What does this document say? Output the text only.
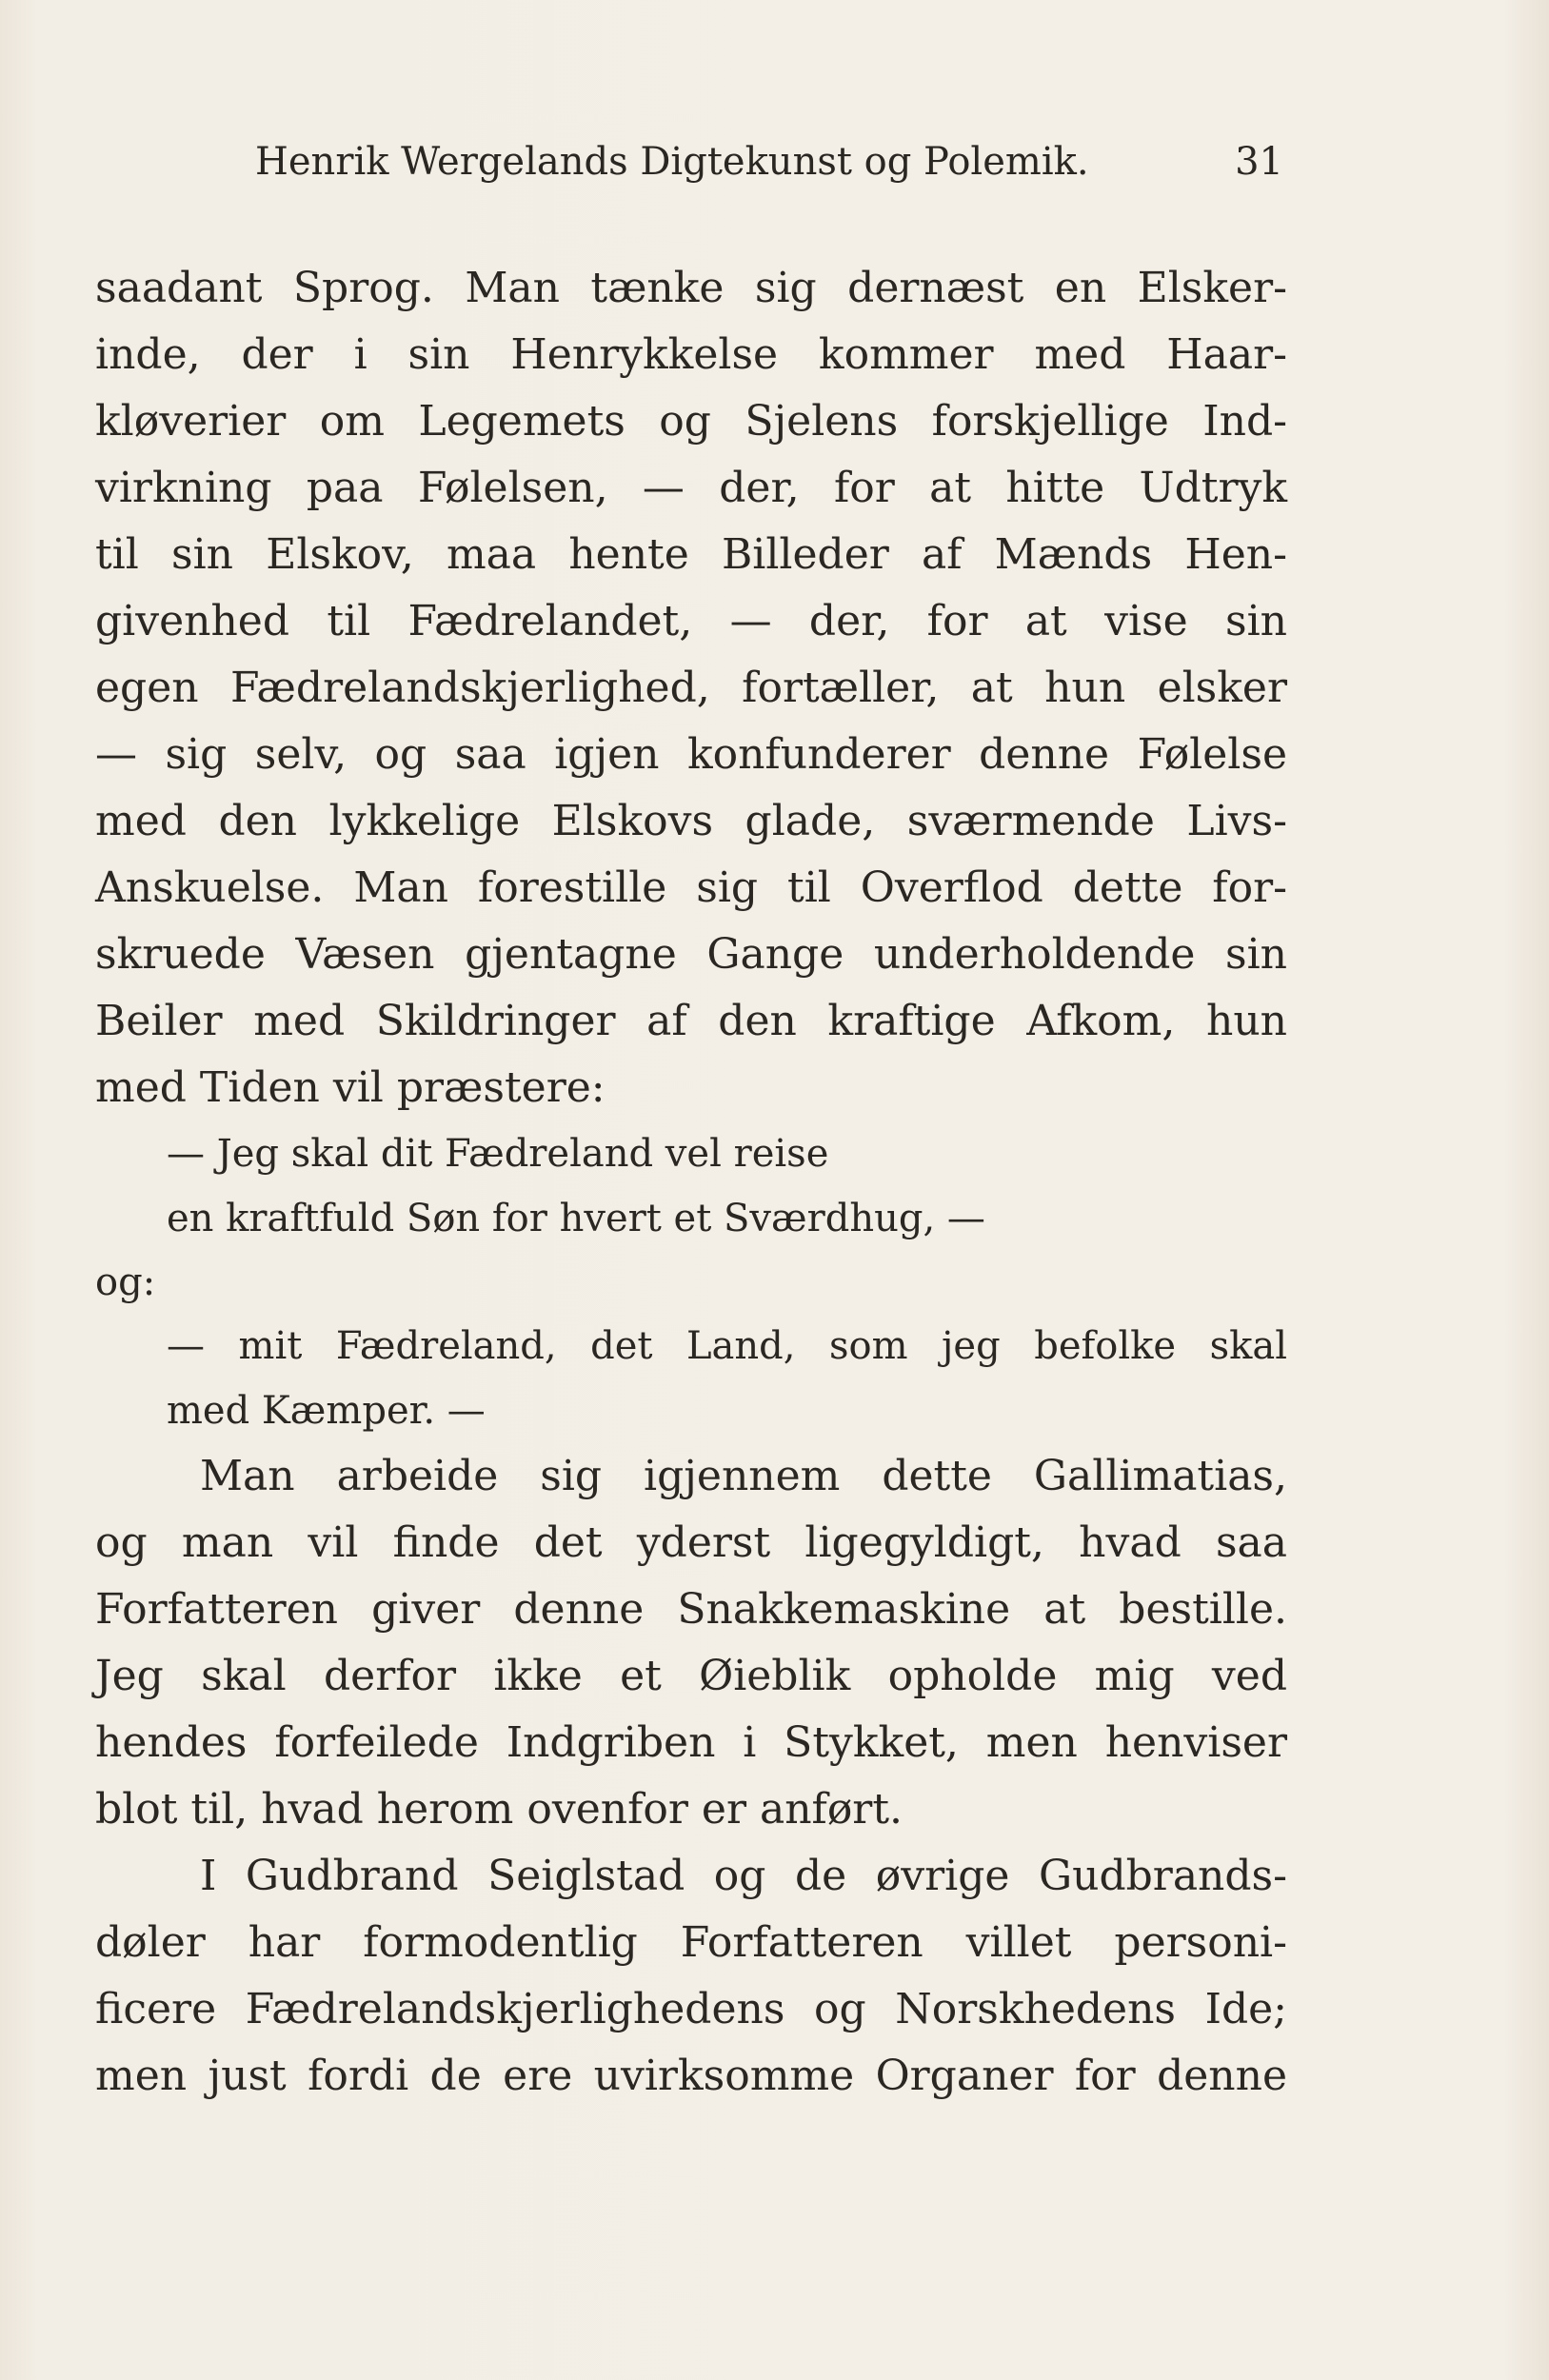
Henrik Wergelands Digtekunst og Polemik.	31
saadant Sprog. Man tænke sig dernæst en Elsker-
inde, der i sin Henrykkelse kommer med Haar-
kløverier om Legemets og Sjelens forskjellige Ind-
virkning paa Følelsen, — der, for at hitte Udtryk
til sin Elskov, maa hente Billeder af Mænds Hen-
givenhed til Fædrelandet, — der, for at vise sin
egen Fædrelandskjerlighed, fortæller, at hun elsker
— sig selv, og saa igjen konfunderer denne Følelse
med den lykkelige Elskovs glade, sværmende Livs-
Anskuelse. Man forestille sig til Overflod dette for-
skruede Væsen gjentagne Gange underholdende sin
Beiler med Skildringer af den kraftige Afkom, hun
med Tiden vil præstere:
— Jeg skal dit Fædreland vel reise
en kraftfuld Søn for hvert et Sværdhug, —
og:
— mit Fædreland, det Land, som jeg befolke skal
med Kæmper. —
Man arbeide sig igjennem dette Gallimatias,
og man vil finde det yderst ligegyldigt, hvad saa
Forfatteren giver denne Snakkemaskine at bestille.
Jeg skal derfor ikke et Øieblik opholde mig ved
hendes forfeilede Indgriben i Stykket, men henviser
blot til, hvad herom ovenfor er anført.
I Gudbrand Seiglstad og de øvrige Gudbrands-
døler har formodentlig Forfatteren villet personi-
ficere Fædrelandskjerlighedens og Norskhedens Ide;
men just fordi de ere uvirksomme Organer for denne
